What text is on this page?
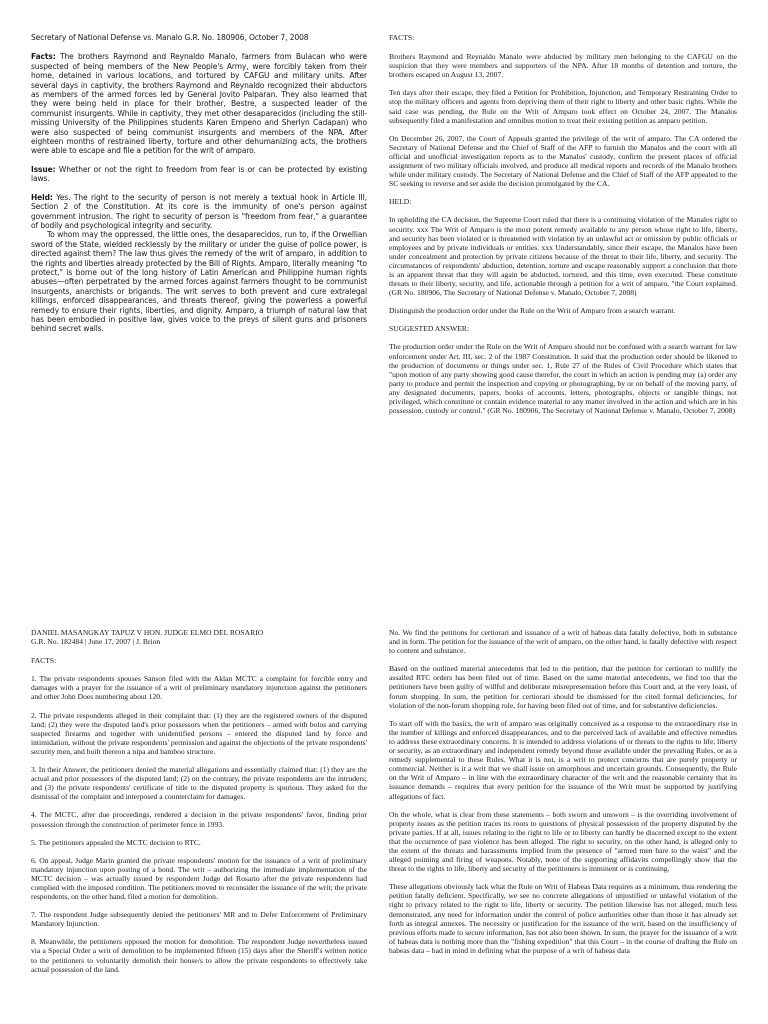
Secretary of National Defense vs. Manalo G.R. No. 180906, October 7, 2008

Facts: The brothers Raymond and Reynaldo Manalo, farmers from Bulacan who were suspected of being members of the New People's Army, were forcibly taken from their home, detained in various locations, and tortured by CAFGU and military units. After several days in captivity, the brothers Raymond and Reynaldo recognized their abductors as members of the armed forces led by General Jovito Palparan. They also learned that they were being held in place for their brother, Bestre, a suspected leader of the communist insurgents. While in captivity, they met other desaparecidos (including the still-missing University of the Philippines students Karen Empeno and Sherlyn Cadapan) who were also suspected of being communist insurgents and members of the NPA. After eighteen months of restrained liberty, torture and other dehumanizing acts, the brothers were able to escape and file a petition for the writ of amparo.

Issue: Whether or not the right to freedom from fear is or can be protected by existing laws.

Held: Yes. The right to the security of person is not merely a textual hook in Article III, Section 2 of the Constitution. At its core is the immunity of one's person against government intrusion. The right to security of person is "freedom from fear," a guarantee of bodily and psychological integrity and security.

To whom may the oppressed, the little ones, the desaparecidos, run to, if the Orwellian sword of the State, wielded recklessly by the military or under the guise of police power, is directed against them? The law thus gives the remedy of the writ of amparo, in addition to the rights and liberties already protected by the Bill of Rights. Amparo, literally meaning "to protect," is borne out of the long history of Latin American and Philippine human rights abuses—often perpetrated by the armed forces against farmers thought to be communist insurgents, anarchists or brigands. The writ serves to both prevent and cure extralegal killings, enforced disappearances, and threats thereof, giving the powerless a powerful remedy to ensure their rights, liberties, and dignity. Amparo, a triumph of natural law that has been embodied in positive law, gives voice to the preys of silent guns and prisoners behind secret walls.

FACTS:

Brothers Raymond and Reynaldo Manalo were abducted by military men belonging to the CAFGU on the suspicion that they were members and supporters of the NPA. After 18 months of detention and torture, the brothers escaped on August 13, 2007.

Ten days after their escape, they filed a Petition for Prohibition, Injunction, and Temporary Restraining Order to stop the military officers and agents from depriving them of their right to liberty and other basic rights. While the said case was pending, the Rule on the Writ of Amparo took effect on October 24, 2007. The Manalos subsequently filed a manifestation and omnibus motion to treat their existing petition as amparo petition.

On December 26, 2007, the Court of Appeals granted the privilege of the writ of amparo. The CA ordered the Secretary of National Defense and the Chief of Staff of the AFP to furnish the Manalos and the court with all official and unofficial investigation reports as to the Manalos' custody, confirm the present places of official assignment of two military officials involved, and produce all medical reports and records of the Manalo brothers while under military custody. The Secretary of National Defense and the Chief of Staff of the AFP appealed to the SC seeking to reverse and set aside the decision promulgated by the CA.

HELD:

In upholding the CA decision, the Supreme Court ruled that there is a continuing violation of the Manalos right to security. xxx The Writ of Amparo is the most potent remedy available to any person whose right to life, liberty, and security has been violated or is threatened with violation by an unlawful act or omission by public officials or employees and by private individuals or entities. xxx Understandably, since their escape, the Manalos have been under concealment and protection by private citizens because of the threat to their life, liberty, and security. The circumstances of respondents' abduction, detention, torture and escape reasonably support a conclusion that there is an apparent threat that they will again be abducted, tortured, and this time, even executed. These constitute threats to their liberty, security, and life, actionable through a petition for a writ of amparo, "the Court explained. (GR No. 180906, The Secretary of National Defense v. Manalo, October 7, 2008)

Distinguish the production order under the Rule on the Writ of Amparo from a search warrant.

SUGGESTED ANSWER:

The production order under the Rule on the Writ of Amparo should not be confused with a search warrant for law enforcement under Art. III, sec. 2 of the 1987 Constitution. It said that the production order should be likened to the production of documents or things under sec. 1, Rule 27 of the Rules of Civil Procedure which states that "upon motion of any party showing good cause therefor, the court in which an action is pending may (a) order any party to produce and permit the inspection and copying or photographing, by or on behalf of the moving party, of any designated documents, papers, books of accounts, letters, photographs, objects or tangible things, not privileged, which constitute or contain evidence material to any matter involved in the action and which are in his possession, custody or control." (GR No. 180906, The Secretary of National Defense v. Manalo, October 7, 2008)

DANIEL MASANGKAY TAPUZ V HON. JUDGE ELMO DEL ROSARIO

G.R. No. 182484 | June 17, 2007 | J. Brion

FACTS:

1. The private respondents spouses Sanson filed with the Aklan MCTC a complaint for forcible entry and damages with a prayer for the issuance of a writ of preliminary mandatory injunction against the petitioners and other John Does numbering about 120.

2. The private respondents alleged in their complaint that: (1) they are the registered owners of the disputed land; (2) they were the disputed land's prior possessors when the petitioners – armed with bolos and carrying suspected firearms and together with unidentified persons – entered the disputed land by force and intimidation, without the private respondents' permission and against the objections of the private respondents' security men, and built thereon a nipa and bamboo structure.

3. In their Answer, the petitioners denied the material allegations and essentially claimed that: (1) they are the actual and prior possessors of the disputed land; (2) on the contrary, the private respondents are the intruders; and (3) the private respondents' certificate of title to the disputed property is spurious. They asked for the dismissal of the complaint and interposed a counterclaim for damages.

4. The MCTC, after due proceedings, rendered a decision in the private respondents' favor, finding prior possession through the construction of perimeter fence in 1993.

5. The petitioners appealed the MCTC decision to RTC.

6. On appeal, Judge Marin granted the private respondents' motion for the issuance of a writ of preliminary mandatory injunction upon posting of a bond. The writ – authorizing the immediate implementation of the MCTC decision – was actually issued by respondent Judge del Rosario after the private respondents had complied with the imposed condition. The petitioners moved to reconsider the issuance of the writ; the private respondents, on the other hand, filed a motion for demolition.

7. The respondent Judge subsequently denied the petitioners' MR and to Defer Enforcement of Preliminary Mandatory Injunction.

8. Meanwhile, the petitioners opposed the motion for demolition. The respondent Judge nevertheless issued via a Special Order a writ of demolition to be implemented fifteen (15) days after the Sheriff's written notice to the petitioners to voluntarily demolish their house/s to allow the private respondents to effectively take actual possession of the land.

No. We find the petitions for certiorari and issuance of a writ of habeas data fatally defective, both in substance and in form. The petition for the issuance of the writ of amparo, on the other hand, is fatally defective with respect to content and substance.

Based on the outlined material antecedents that led to the petition, that the petition for certiorari to nullify the assailed RTC orders has been filed out of time. Based on the same material antecedents, we find too that the petitioners have been guilty of willful and deliberate misrepresentation before this Court and, at the very least, of forum shopping. In sum, the petition for certiorari should be dismissed for the cited formal deficiencies, for violation of the non-forum shopping rule, for having been filed out of time, and for substantive deficiencies.

To start off with the basics, the writ of amparo was originally conceived as a response to the extraordinary rise in the number of killings and enforced disappearances, and to the perceived lack of available and effective remedies to address these extraordinary concerns. It is intended to address violations of or threats to the rights to life, liberty or security, as an extraordinary and independent remedy beyond those available under the prevailing Rules, or as a remedy supplemental to these Rules. What it is not, is a writ to protect concerns that are purely property or commercial. Neither is it a writ that we shall issue on amorphous and uncertain grounds. Consequently, the Rule on the Writ of Amparo – in line with the extraordinary character of the writ and the reasonable certainty that its issuance demands – requires that every petition for the issuance of the Writ must be supported by justifying allegations of fact.

On the whole, what is clear from these statements – both sworn and unsworn – is the overriding involvement of property issues as the petition traces its roots to questions of physical possession of the property disputed by the private parties. If at all, issues relating to the right to life or to liberty can hardly be discerned except to the extent that the occurrence of past violence has been alleged. The right to security, on the other hand, is alleged only to the extent of the threats and harassments implied from the presence of "armed men bare to the waist" and the alleged pointing and firing of weapons. Notably, none of the supporting affidavits compellingly show that the threat to the rights to life, liberty and security of the petitioners is imminent or is continuing.

These allegations obviously lack what the Rule on Writ of Habeas Data requires as a minimum, thus rendering the petition fatally deficient. Specifically, we see no concrete allegations of unjustified or unlawful violation of the right to privacy related to the right to life, liberty or security. The petition likewise has not alleged, much less demonstrated, any need for information under the control of police authorities other than those it has already set forth as integral annexes. The necessity or justification for the issuance of the writ, based on the insufficiency of previous efforts made to secure information, has not also been shown. In sum, the prayer for the issuance of a writ of habeas data is nothing more than the "fishing expedition" that this Court – in the course of drafting the Rule on habeas data – had in mind in defining what the purpose of a writ of habeas data
